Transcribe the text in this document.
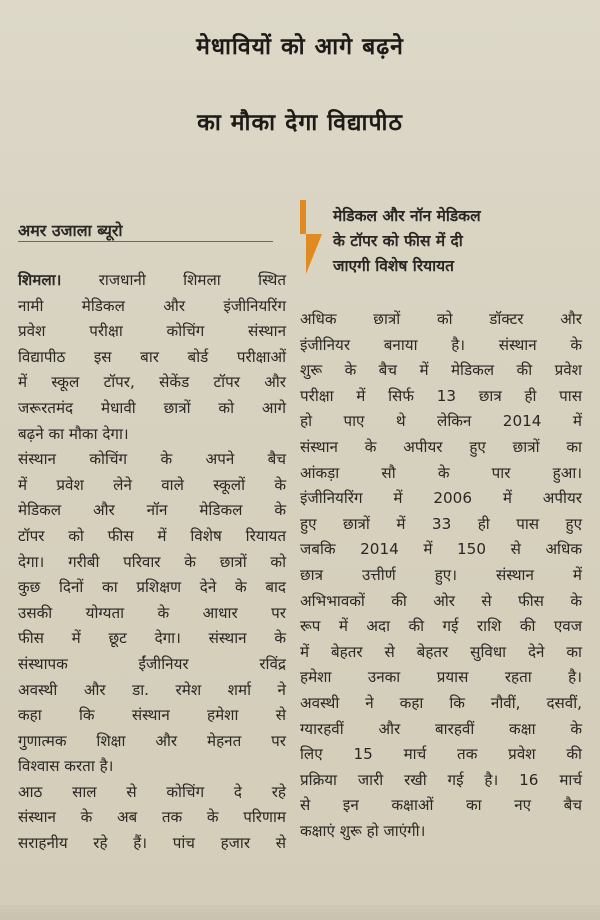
मेधावियों को आगे बढ़ने
का मौका देगा विद्यापीठ
अमर उजाला ब्यूरो
मेडिकल और नॉन मेडिकल
के टॉपर को फीस में दी
जाएगी विशेष रियायत
शिमला। राजधानी शिमला स्थित
नामी मेडिकल और इंजीनियरिंग
प्रवेश परीक्षा कोचिंग संस्थान
विद्यापीठ इस बार बोर्ड परीक्षाओं
में स्कूल टॉपर, सेकेंड टॉपर और
जरूरतमंद मेधावी छात्रों को आगे
बढ़ने का मौका देगा।
संस्थान कोचिंग के अपने बैच
में प्रवेश लेने वाले स्कूलों के
मेडिकल और नॉन मेडिकल के
टॉपर को फीस में विशेष रियायत
देगा। गरीबी परिवार के छात्रों को
कुछ दिनों का प्रशिक्षण देने के बाद
उसकी योग्यता के आधार पर
फीस में छूट देगा। संस्थान के
संस्थापक ईंजीनियर रविंद्र
अवस्थी और डा. रमेश शर्मा ने
कहा कि संस्थान हमेशा से
गुणात्मक शिक्षा और मेहनत पर
विश्वास करता है।
आठ साल से कोचिंग दे रहे
संस्थान के अब तक के परिणाम
सराहनीय रहे हैं। पांच हजार से
अधिक छात्रों को डॉक्टर और
इंजीनियर बनाया है। संस्थान के
शुरू के बैच में मेडिकल की प्रवेश
परीक्षा में सिर्फ 13 छात्र ही पास
हो पाए थे लेकिन 2014 में
संस्थान के अपीयर हुए छात्रों का
आंकड़ा सौ के पार हुआ।
इंजीनियरिंग में 2006 में अपीयर
हुए छात्रों में 33 ही पास हुए
जबकि 2014 में 150 से अधिक
छात्र उत्तीर्ण हुए। संस्थान में
अभिभावकों की ओर से फीस के
रूप में अदा की गई राशि की एवज
में बेहतर से बेहतर सुविधा देने का
हमेशा उनका प्रयास रहता है।
अवस्थी ने कहा कि नौवीं, दसवीं,
ग्यारहवीं और बारहवीं कक्षा के
लिए 15 मार्च तक प्रवेश की
प्रक्रिया जारी रखी गई है। 16 मार्च
से इन कक्षाओं का नए बैच
कक्षाएं शुरू हो जाएंगी।
